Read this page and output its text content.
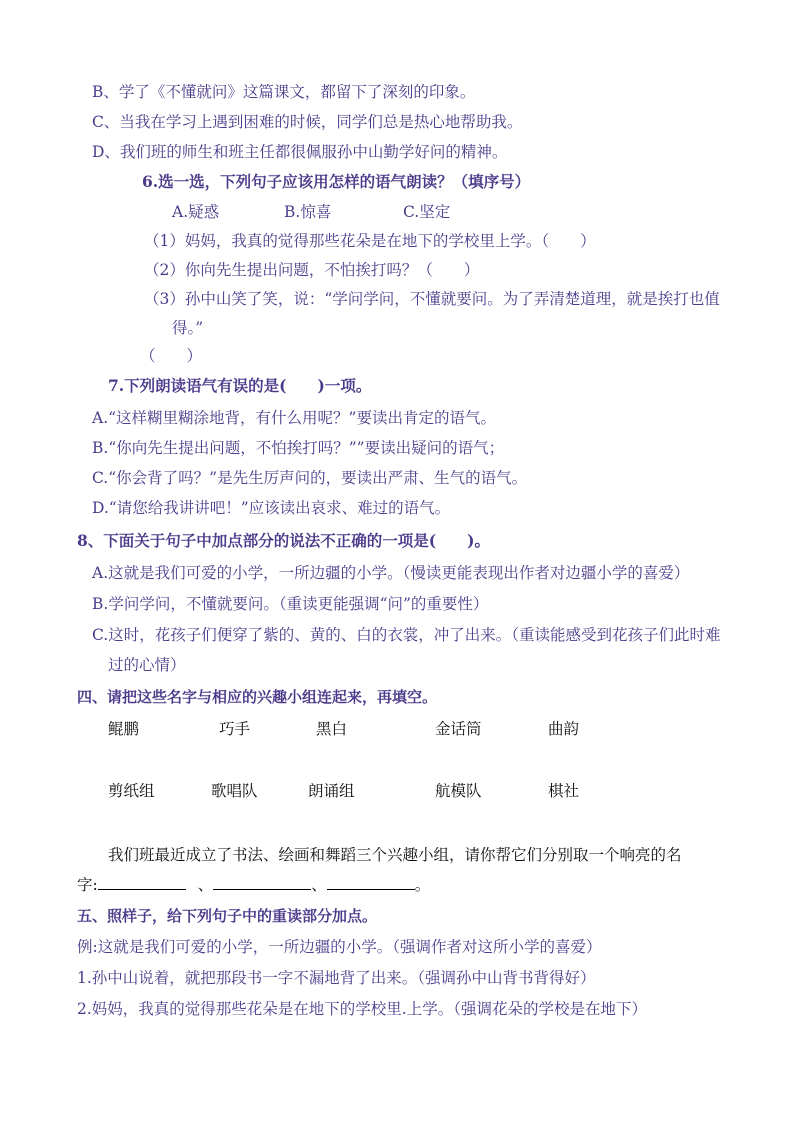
B、学了《不懂就问》这篇课文，都留下了深刻的印象。
C、当我在学习上遇到困难的时候，同学们总是热心地帮助我。
D、我们班的师生和班主任都很佩服孙中山勤学好问的精神。
6.选一选，下列句子应该用怎样的语气朗读？（填序号）
A.疑惑	B.惊喜	C.坚定
（1）妈妈，我真的觉得那些花朵是在地下的学校里上学。（　　）
（2）你向先生提出问题，不怕挨打吗？（　　）
（3）孙中山笑了笑，说：“学问学问，不懂就要问。为了弄清楚道理，就是挨打也值
得。”
（　　）
7.下列朗读语气有误的是(　　)一项。
A.“这样糊里糊涂地背，有什么用呢？”要读出肯定的语气。
B.“你向先生提出问题，不怕挨打吗？””要读出疑问的语气；
C.“你会背了吗？”是先生厉声问的，要读出严肃、生气的语气。
D.“请您给我讲讲吧！”应该读出哀求、难过的语气。
8、下面关于句子中加点部分的说法不正确的一项是(　　)。
A.这就是我们可爱的小学，一所边疆的小学。（慢读更能表现出作者对边疆小学的喜爱）
B.学问学问，不懂就要问。（重读更能强调“问”的重要性）
C.这时，花孩子们便穿了紫的、黄的、白的衣裳，冲了出来。（重读能感受到花孩子们此时难
过的心情）
四、请把这些名字与相应的兴趣小组连起来，再填空。
鲲鹏	巧手	黑白	金话筒	曲韵
剪纸组	歌唱队	朗诵组	航模队	棋社
我们班最近成立了书法、绘画和舞蹈三个兴趣小组，请你帮它们分别取一个响亮的名
字:	、	、	。
五、照样子，给下列句子中的重读部分加点。
例:这就是我们可爱的小学，一所边疆的小学。（强调作者对这所小学的喜爱）
1.孙中山说着，就把那段书一字不漏地背了出来。（强调孙中山背书背得好）
2.妈妈，我真的觉得那些花朵是在地下的学校里.上学。（强调花朵的学校是在地下）
